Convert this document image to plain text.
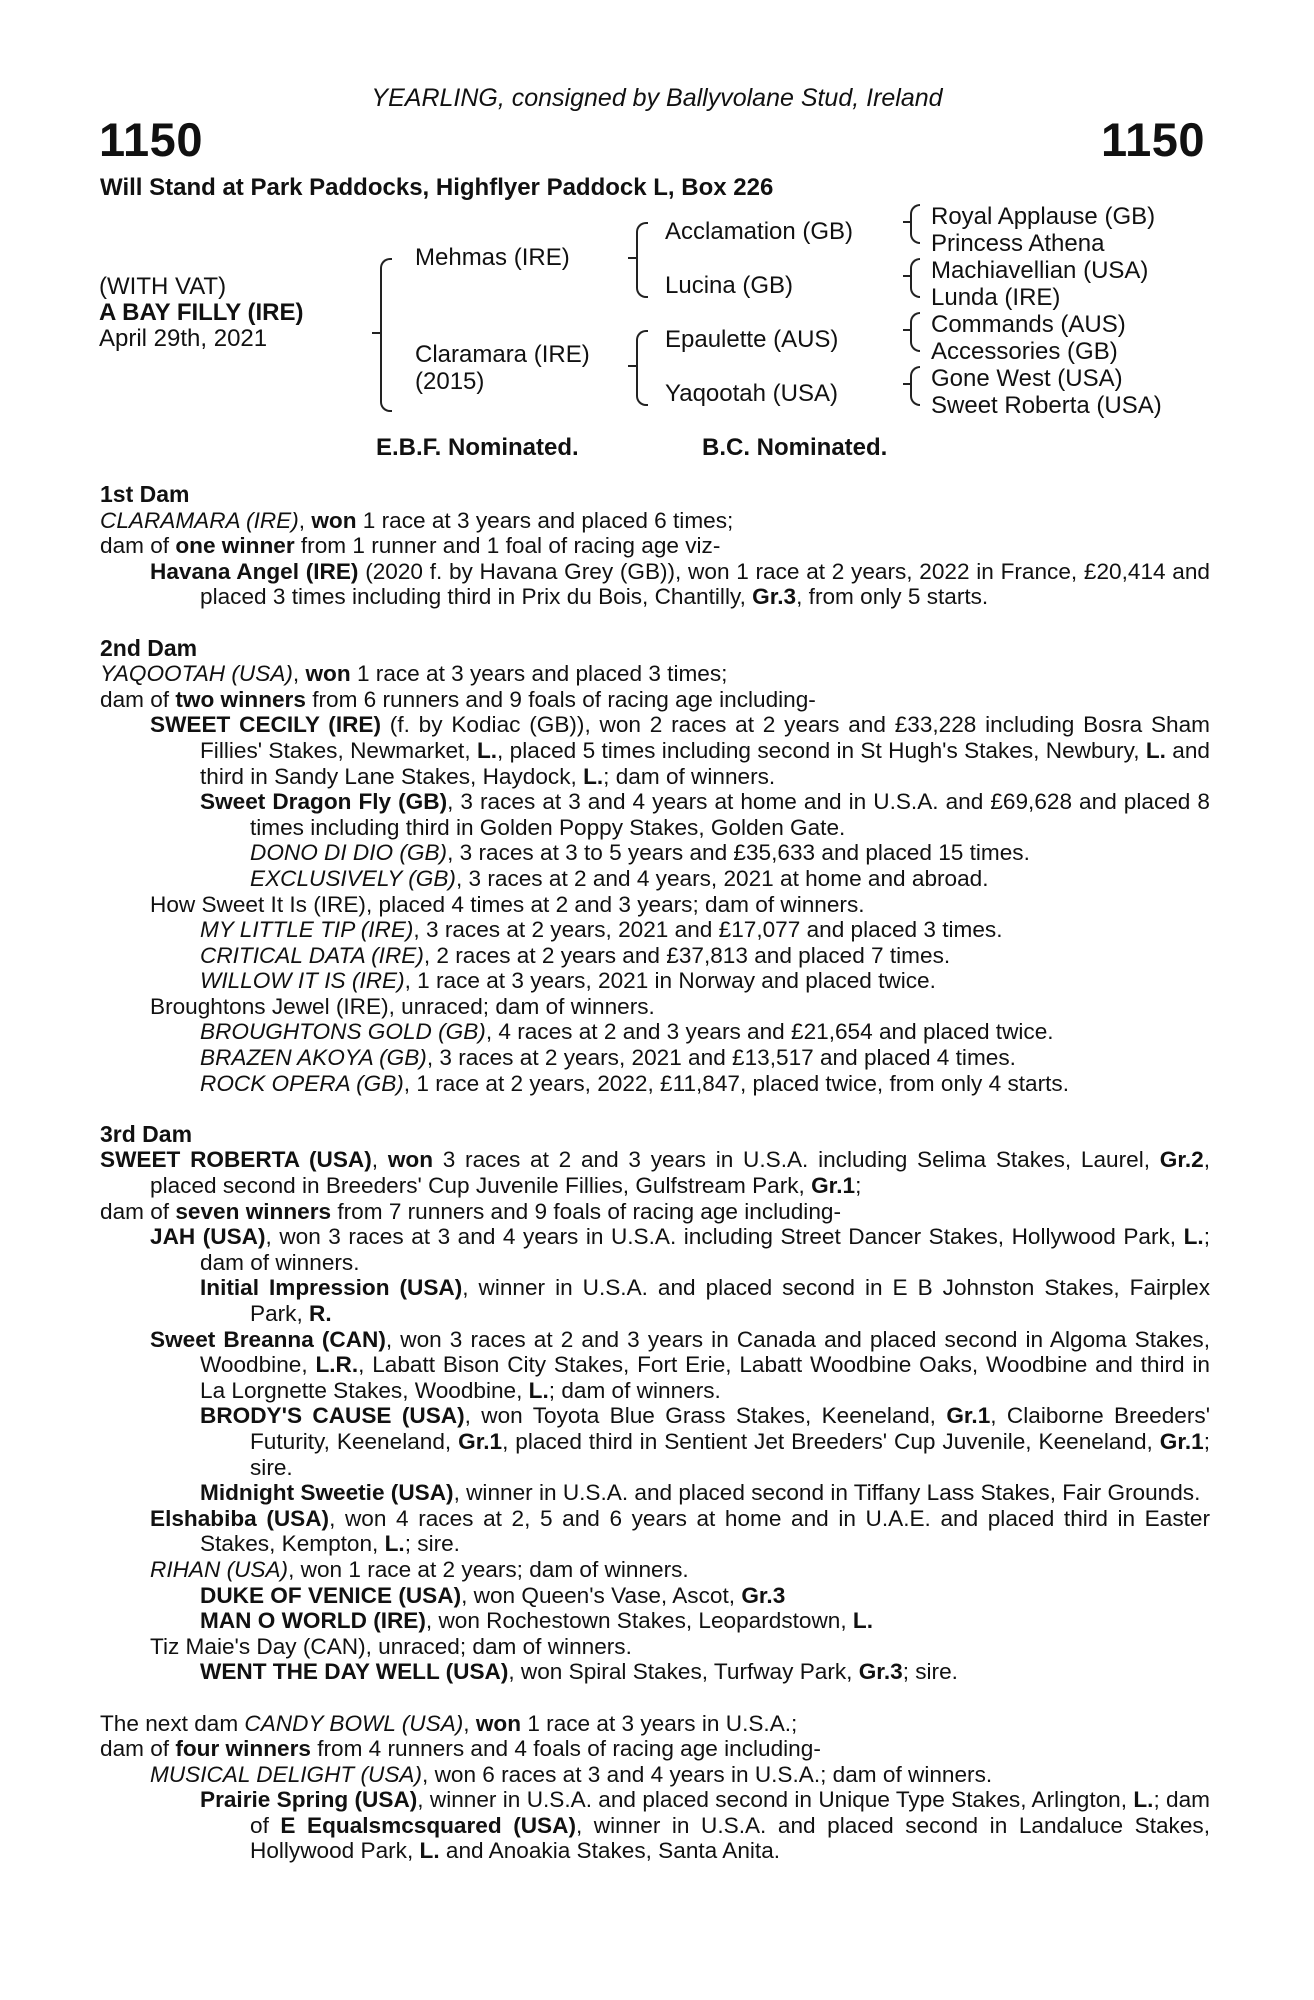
YEARLING, consigned by Ballyvolane Stud, Ireland
1150	1150
Will Stand at Park Paddocks, Highflyer Paddock L, Box 226
(WITH VAT)
A BAY FILLY (IRE)
April 29th, 2021
Mehmas (IRE)
Claramara (IRE)
(2015)
Acclamation (GB)
Lucina (GB)
Epaulette (AUS)
Yaqootah (USA)
Royal Applause (GB)
Princess Athena
Machiavellian (USA)
Lunda (IRE)
Commands (AUS)
Accessories (GB)
Gone West (USA)
Sweet Roberta (USA)
E.B.F. Nominated.	B.C. Nominated.
1st Dam
CLARAMARA (IRE), won 1 race at 3 years and placed 6 times;
dam of one winner from 1 runner and 1 foal of racing age viz-
Havana Angel (IRE) (2020 f. by Havana Grey (GB)), won 1 race at 2 years, 2022 in France, £20,414 and placed 3 times including third in Prix du Bois, Chantilly, Gr.3, from only 5 starts.
2nd Dam
YAQOOTAH (USA), won 1 race at 3 years and placed 3 times;
dam of two winners from 6 runners and 9 foals of racing age including-
SWEET CECILY (IRE) (f. by Kodiac (GB)), won 2 races at 2 years and £33,228 including Bosra Sham Fillies' Stakes, Newmarket, L., placed 5 times including second in St Hugh's Stakes, Newbury, L. and third in Sandy Lane Stakes, Haydock, L.; dam of winners.
Sweet Dragon Fly (GB), 3 races at 3 and 4 years at home and in U.S.A. and £69,628 and placed 8 times including third in Golden Poppy Stakes, Golden Gate.
DONO DI DIO (GB), 3 races at 3 to 5 years and £35,633 and placed 15 times.
EXCLUSIVELY (GB), 3 races at 2 and 4 years, 2021 at home and abroad.
How Sweet It Is (IRE), placed 4 times at 2 and 3 years; dam of winners.
MY LITTLE TIP (IRE), 3 races at 2 years, 2021 and £17,077 and placed 3 times.
CRITICAL DATA (IRE), 2 races at 2 years and £37,813 and placed 7 times.
WILLOW IT IS (IRE), 1 race at 3 years, 2021 in Norway and placed twice.
Broughtons Jewel (IRE), unraced; dam of winners.
BROUGHTONS GOLD (GB), 4 races at 2 and 3 years and £21,654 and placed twice.
BRAZEN AKOYA (GB), 3 races at 2 years, 2021 and £13,517 and placed 4 times.
ROCK OPERA (GB), 1 race at 2 years, 2022, £11,847, placed twice, from only 4 starts.
3rd Dam
SWEET ROBERTA (USA), won 3 races at 2 and 3 years in U.S.A. including Selima Stakes, Laurel, Gr.2, placed second in Breeders' Cup Juvenile Fillies, Gulfstream Park, Gr.1;
dam of seven winners from 7 runners and 9 foals of racing age including-
JAH (USA), won 3 races at 3 and 4 years in U.S.A. including Street Dancer Stakes, Hollywood Park, L.; dam of winners.
Initial Impression (USA), winner in U.S.A. and placed second in E B Johnston Stakes, Fairplex Park, R.
Sweet Breanna (CAN), won 3 races at 2 and 3 years in Canada and placed second in Algoma Stakes, Woodbine, L.R., Labatt Bison City Stakes, Fort Erie, Labatt Woodbine Oaks, Woodbine and third in La Lorgnette Stakes, Woodbine, L.; dam of winners.
BRODY'S CAUSE (USA), won Toyota Blue Grass Stakes, Keeneland, Gr.1, Claiborne Breeders' Futurity, Keeneland, Gr.1, placed third in Sentient Jet Breeders' Cup Juvenile, Keeneland, Gr.1; sire.
Midnight Sweetie (USA), winner in U.S.A. and placed second in Tiffany Lass Stakes, Fair Grounds.
Elshabiba (USA), won 4 races at 2, 5 and 6 years at home and in U.A.E. and placed third in Easter Stakes, Kempton, L.; sire.
RIHAN (USA), won 1 race at 2 years; dam of winners.
DUKE OF VENICE (USA), won Queen's Vase, Ascot, Gr.3
MAN O WORLD (IRE), won Rochestown Stakes, Leopardstown, L.
Tiz Maie's Day (CAN), unraced; dam of winners.
WENT THE DAY WELL (USA), won Spiral Stakes, Turfway Park, Gr.3; sire.
The next dam CANDY BOWL (USA), won 1 race at 3 years in U.S.A.;
dam of four winners from 4 runners and 4 foals of racing age including-
MUSICAL DELIGHT (USA), won 6 races at 3 and 4 years in U.S.A.; dam of winners.
Prairie Spring (USA), winner in U.S.A. and placed second in Unique Type Stakes, Arlington, L.; dam of E Equalsmcsquared (USA), winner in U.S.A. and placed second in Landaluce Stakes, Hollywood Park, L. and Anoakia Stakes, Santa Anita.
